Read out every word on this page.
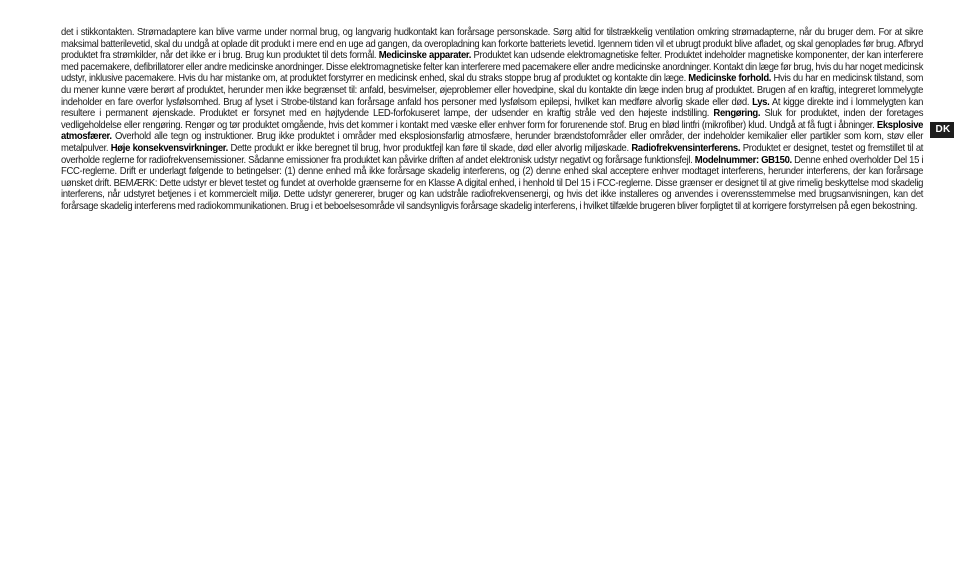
det i stikkontakten. Strømadaptere kan blive varme under normal brug, og langvarig hudkontakt kan forårsage personskade. Sørg altid for tilstrækkelig ventilation omkring strømadapterne, når du bruger dem. For at sikre maksimal batterilevetid, skal du undgå at oplade dit produkt i mere end en uge ad gangen, da overopladning kan forkorte batteriets levetid. Igennem tiden vil et ubrugt produkt blive afladet, og skal genoplades før brug. Afbryd produktet fra strømkilder, når det ikke er i brug. Brug kun produktet til dets formål. Medicinske apparater. Produktet kan udsende elektromagnetiske felter. Produktet indeholder magnetiske komponenter, der kan interferere med pacemakere, defibrillatorer eller andre medicinske anordninger. Disse elektromagnetiske felter kan interferere med pacemakere eller andre medicinske anordninger. Kontakt din læge før brug, hvis du har noget medicinsk udstyr, inklusive pacemakere. Hvis du har mistanke om, at produktet forstyrrer en medicinsk enhed, skal du straks stoppe brug af produktet og kontakte din læge. Medicinske forhold. Hvis du har en medicinsk tilstand, som du mener kunne være berørt af produktet, herunder men ikke begrænset til: anfald, besvimelser, øjeproblemer eller hovedpine, skal du kontakte din læge inden brug af produktet. Brugen af en kraftig, integreret lommelygte indeholder en fare overfor lysfølsomhed. Brug af lyset i Strobe-tilstand kan forårsage anfald hos personer med lysfølsom epilepsi, hvilket kan medføre alvorlig skade eller død. Lys. At kigge direkte ind i lommelygten kan resultere i permanent øjenskade. Produktet er forsynet med en højtydende LED-forfokuseret lampe, der udsender en kraftig stråle ved den højeste indstilling. Rengøring. Sluk for produktet, inden der foretages vedligeholdelse eller rengøring. Rengør og tør produktet omgående, hvis det kommer i kontakt med væske eller enhver form for forurenende stof. Brug en blød lintfri (mikrofiber) klud. Undgå at få fugt i åbninger. Eksplosive atmosfærer. Overhold alle tegn og instruktioner. Brug ikke produktet i områder med eksplosionsfarlig atmosfære, herunder brændstofområder eller områder, der indeholder kemikalier eller partikler som korn, støv eller metalpulver. Høje konsekvensvirkninger. Dette produkt er ikke beregnet til brug, hvor produktfejl kan føre til skade, død eller alvorlig miljøskade. Radiofrekvensinterferens. Produktet er designet, testet og fremstillet til at overholde reglerne for radiofrekvensemissioner. Sådanne emissioner fra produktet kan påvirke driften af andet elektronisk udstyr negativt og forårsage funktionsfejl. Modelnummer: GB150. Denne enhed overholder Del 15 i FCC-reglerne. Drift er underlagt følgende to betingelser: (1) denne enhed må ikke forårsage skadelig interferens, og (2) denne enhed skal acceptere enhver modtaget interferens, herunder interferens, der kan forårsage uønsket drift. BEMÆRK: Dette udstyr er blevet testet og fundet at overholde grænserne for en Klasse A digital enhed, i henhold til Del 15 i FCC-reglerne. Disse grænser er designet til at give rimelig beskyttelse mod skadelig interferens, når udstyret betjenes i et kommercielt miljø. Dette udstyr genererer, bruger og kan udstråle radiofrekvensenergi, og hvis det ikke installeres og anvendes i overensstemmelse med brugsanvisningen, kan det forårsage skadelig interferens med radiokommunikationen. Brug i et beboelsesområde vil sandsynligvis forårsage skadelig interferens, i hvilket tilfælde brugeren bliver forpligtet til at korrigere forstyrrelsen på egen bekostning.
DK
